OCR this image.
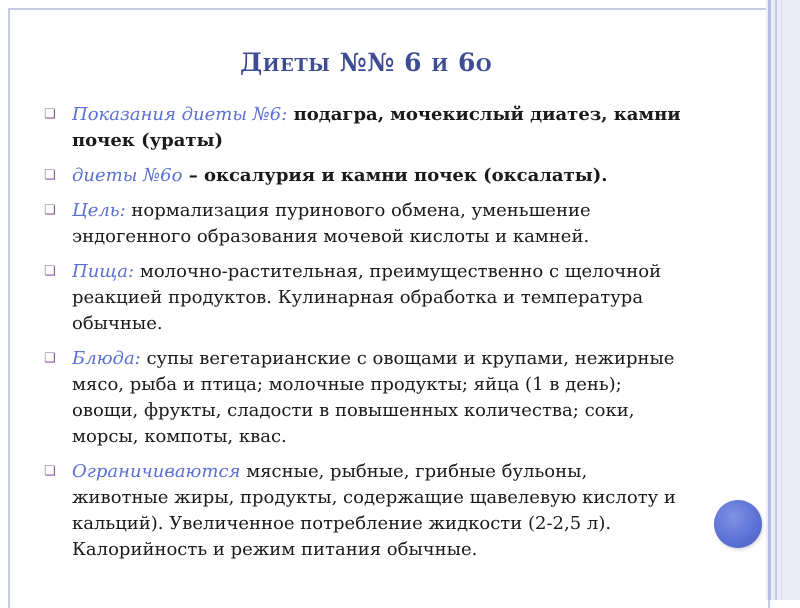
Диеты №№ 6 и 6о
❑ Показания диеты №6: подагра, мочекислый диатез, камни почек (ураты)
❑ диеты №6о – оксалурия и камни почек (оксалаты).
❑ Цель: нормализация пуринового обмена, уменьшение эндогенного образования мочевой кислоты и камней.
❑ Пища: молочно-растительная, преимущественно с щелочной реакцией продуктов. Кулинарная обработка и температура обычные.
❑ Блюда: супы вегетарианские с овощами и крупами, нежирные мясо, рыба и птица; молочные продукты; яйца (1 в день); овощи, фрукты, сладости в повышенных количества; соки, морсы, компоты, квас.
❑ Ограничиваются мясные, рыбные, грибные бульоны, животные жиры, продукты, содержащие щавелевую кислоту и кальций). Увеличенное потребление жидкости (2-2,5 л). Калорийность и режим питания обычные.
